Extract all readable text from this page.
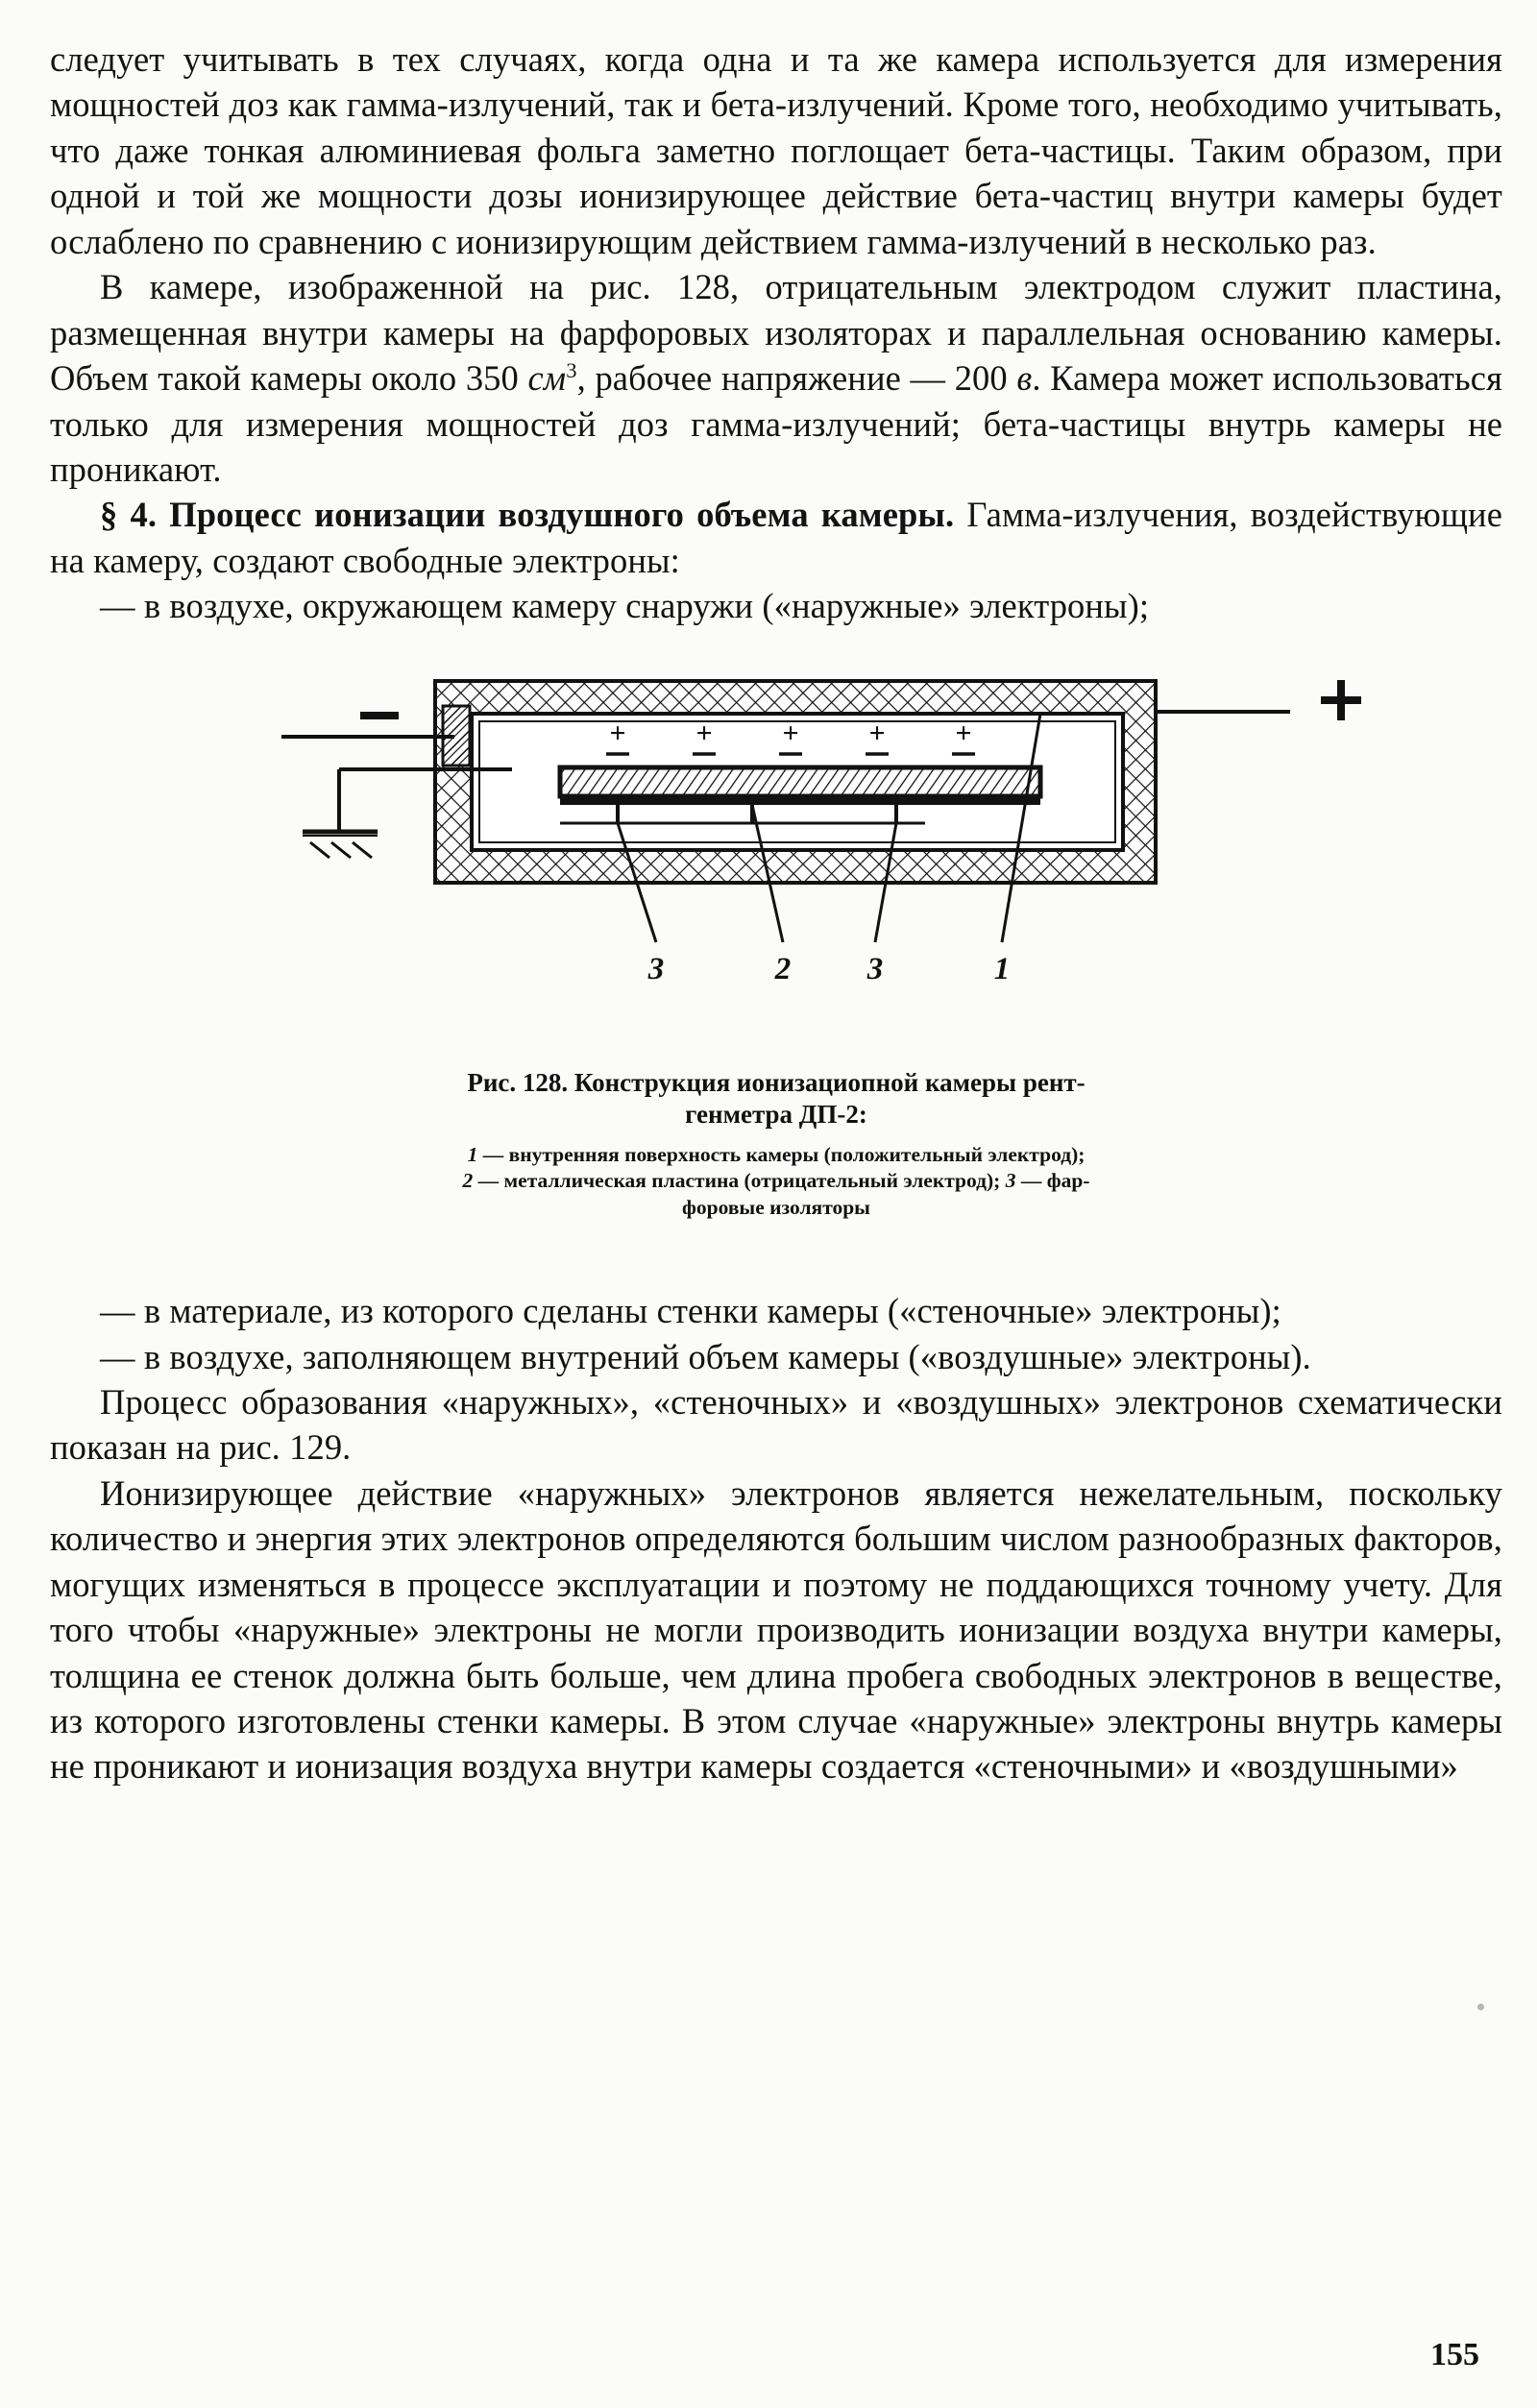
следует учитывать в тех случаях, когда одна и та же камера используется для измерения мощностей доз как гамма-излучений, так и бета-излучений. Кроме того, необходимо учитывать, что даже тонкая алюминиевая фольга заметно поглощает бета-частицы. Таким образом, при одной и той же мощности дозы ионизирующее действие бета-частиц внутри камеры будет ослаблено по сравнению с ионизирующим действием гамма-излучений в несколько раз.

В камере, изображенной на рис. 128, отрицательным электродом служит пластина, размещенная внутри камеры на фарфоровых изоляторах и параллельная основанию камеры. Объем такой камеры около 350 $см^3$, рабочее напряжение — 200 в. Камера может использоваться только для измерения мощностей доз гамма-излучений; бета-частицы внутрь камеры не проникают.

§ 4. Процесс ионизации воздушного объема камеры. Гамма-излучения, воздействующие на камеру, создают свободные электроны:

— в воздухе, окружающем камеру снаружи («наружные» электроны);

+ + + + +
3	2 3	1
Рис. 128. Конструкция ионизациопной камеры рент-
генметра ДП-2:
1 — внутренняя поверхность камеры (положительный электрод);
2 — металлическая пластина (отрицательный электрод); 3 — фар-
форовые изоляторы

— в материале, из которого сделаны стенки камеры («стеночные» электроны);

— в воздухе, заполняющем внутрений объем камеры («воздушные» электроны).

Процесс образования «наружных», «стеночных» и «воздушных» электронов схематически показан на рис. 129.

Ионизирующее действие «наружных» электронов является нежелательным, поскольку количество и энергия этих электронов определяются большим числом разнообразных факторов, могущих изменяться в процессе эксплуатации и поэтому не поддающихся точному учету. Для того чтобы «наружные» электроны не могли производить ионизации воздуха внутри камеры, толщина ее стенок должна быть больше, чем длина пробега свободных электронов в веществе, из которого изготовлены стенки камеры. В этом случае «наружные» электроны внутрь камеры не проникают и ионизация воздуха внутри камеры создается «стеночными» и «воздушными»

155
